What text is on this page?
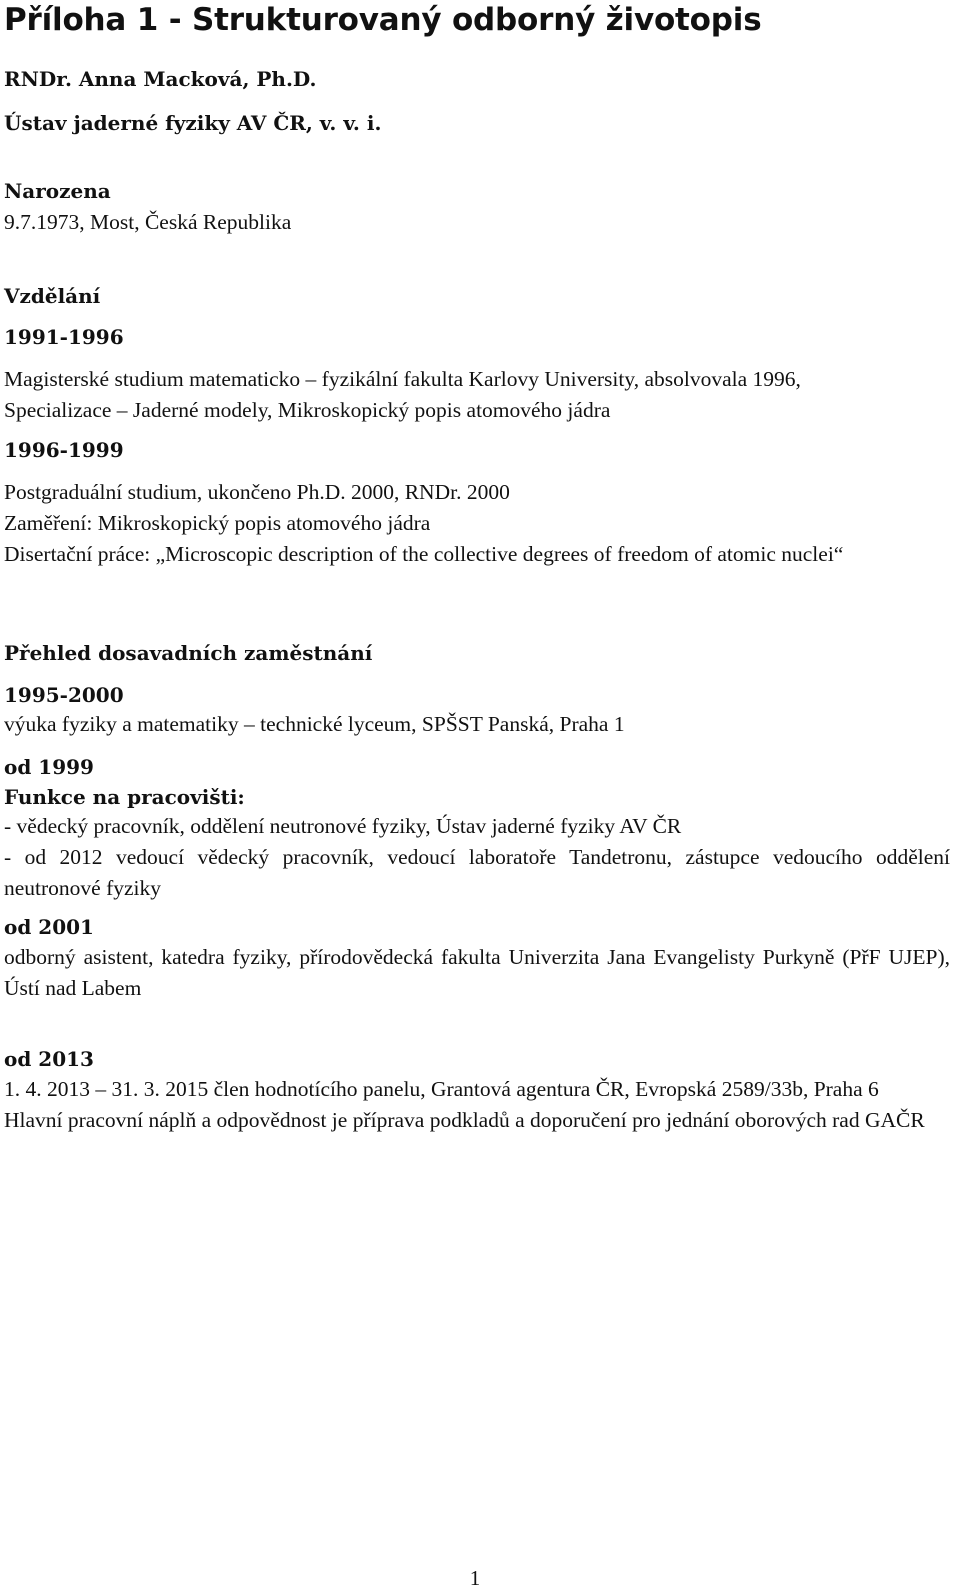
Příloha 1 - Strukturovaný odborný životopis
RNDr. Anna Macková, Ph.D.
Ústav jaderné fyziky AV ČR, v. v. i.
Narozena
9.7.1973, Most, Česká Republika
Vzdělání
1991-1996
Magisterské studium matematicko – fyzikální fakulta Karlovy University, absolvovala 1996,
Specializace – Jaderné modely, Mikroskopický popis atomového jádra
1996-1999
Postgraduální studium, ukončeno Ph.D. 2000, RNDr. 2000
Zaměření: Mikroskopický popis atomového jádra
Disertační práce: „Microscopic description of the collective degrees of freedom of atomic nuclei“
Přehled dosavadních zaměstnání
1995-2000
výuka fyziky a matematiky – technické lyceum, SPŠST Panská, Praha 1
od 1999
Funkce na pracovišti:
- vědecký pracovník, oddělení neutronové fyziky, Ústav jaderné fyziky AV ČR
- od 2012 vedoucí vědecký pracovník, vedoucí laboratoře Tandetronu, zástupce vedoucího oddělení neutronové fyziky
od 2001
odborný asistent, katedra fyziky, přírodovědecká fakulta Univerzita Jana Evangelisty Purkyně (PřF UJEP), Ústí nad Labem
od 2013
1. 4. 2013 – 31. 3. 2015 člen hodnotícího panelu, Grantová agentura ČR, Evropská 2589/33b, Praha 6
Hlavní pracovní náplň a odpovědnost je příprava podkladů a doporučení pro jednání oborových rad GAČR
1
